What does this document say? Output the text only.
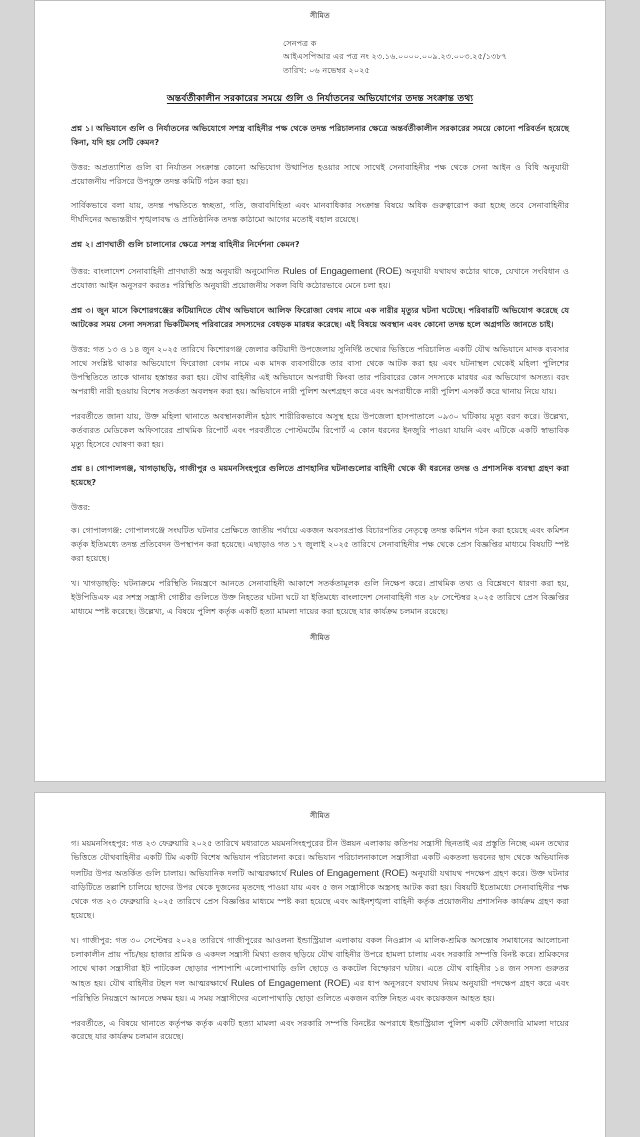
সীমিত
সেনপত্র ক
আইএসপিআর এর পত্র নং ২৩.১৬.০০০০.০০৯.২৩.০০৩.২৫/১৩৮৭
তারিখ: ০৬ নভেম্বর ২০২৫
অন্তর্বর্তীকালীন সরকারের সময়ে গুলি ও নির্যাতনের অভিযোগের তদন্ত সংক্রান্ত তথ্য

প্রশ্ন ১। অভিযানে গুলি ও নির্যাতনের অভিযোগে সশস্ত্র বাহিনীর পক্ষ থেকে তদন্ত পরিচালনার ক্ষেত্রে অন্তর্বর্তীকালীন সরকারের সময়ে কোনো পরিবর্তন হয়েছে কিনা, যদি হয় সেটি কেমন?

উত্তর: অপ্রত্যাশিত গুলি বা নির্যাতন সংক্রান্ত কোনো অভিযোগ উত্থাপিত হওয়ার সাথে সাথেই সেনাবাহিনীর পক্ষ থেকে সেনা আইন ও বিধি অনুযায়ী প্রয়োজনীয় পরিসরে উপযুক্ত তদন্ত কমিটি গঠন করা হয়।

সার্বিকভাবে বলা যায়, তদন্ত পদ্ধতিতে স্বচ্ছতা, গতি, জবাবদিহিতা এবং মানবাধিকার সংক্রান্ত বিষয়ে অধিক গুরুত্বারোপ করা হচ্ছে তবে সেনাবাহিনীর দীর্ঘদিনের অভ্যন্তরীণ শৃঙ্খলাবদ্ধ ও প্রাতিষ্ঠানিক তদন্ত কাঠামো আগের মতোই বহাল রয়েছে।

প্রশ্ন ২। প্রাণঘাতী গুলি চালানোর ক্ষেত্রে সশস্ত্র বাহিনীর নির্দেশনা কেমন?

উত্তর: বাংলাদেশ সেনাবাহিনী প্রাণঘাতী অস্ত্র অনুযায়ী অনুমোদিত Rules of Engagement (ROE) অনুযায়ী যথাযথ কঠোর থাকে, যেখানে সংবিধান ও প্রযোজ্য আইন অনুসরণ করতঃ পরিস্থিতি অনুযায়ী প্রয়োজনীয় সকল বিধি কঠোরভাবে মেনে চলা হয়।

প্রশ্ন ৩। জুন মাসে কিশোরগঞ্জের কটিয়াদিতে যৌথ অভিযানে আলিফ ফিরোজা বেগম নামে এক নারীর মৃত্যুর ঘটনা ঘটেছে। পরিবারটি অভিযোগ করেছে যে আটকের সময় সেনা সদস্যরা ভিকটিমসহ পরিবারের সদস্যদের বেধড়ক মারধর করেছে। এই বিষয়ে অবস্থান এবং কোনো তদন্ত হলে অগ্রগতি জানতে চাই।

উত্তর: গত ১৩ ও ১৪ জুন ২০২৫ তারিখে কিশোরগঞ্জ জেলার কটিয়াদী উপজেলায় সুনির্দিষ্ট তথ্যের ভিত্তিতে পরিচালিত একটি যৌথ অভিযানে মাদক ব্যবসার সাথে সংশ্লিষ্ট থাকার অভিযোগে ফিরোজা বেগম নামে এক মাদক ব্যবসায়ীকে তার বাসা থেকে আটক করা হয় এবং ঘটনাস্থল থেকেই মহিলা পুলিশের উপস্থিতিতে তাকে থানায় হস্তান্তর করা হয়। যৌথ বাহিনীর এই অভিযানে অপরাধী কিংবা তার পরিবারের কোন সদস্যকে মারধর এর অভিযোগ অসত্য। বরং অপরাধী নারী হওয়ায় বিশেষ সতর্কতা অবলম্বন করা হয়। অভিযানে নারী পুলিশ অংশগ্রহণ করে এবং অপরাধীকে নারী পুলিশ এসকর্ট করে থানায় নিয়ে যায়।

পরবর্তীতে জানা যায়, উক্ত মহিলা থানাতে অবস্থানকালীন হঠাৎ শারীরিকভাবে অসুস্থ হয়ে উপজেলা হাসপাতালে ০৯৩০ ঘটিকায় মৃত্যু বরণ করে। উল্লেখ্য, কর্তব্যরত মেডিকেল অফিসারের প্রাথমিক রিপোর্ট এবং পরবর্তীতে পোস্টমর্টেম রিপোর্ট এ কোন ধরনের ইনজুরি পাওয়া যায়নি এবং এটিকে একটি স্বাভাবিক মৃত্যু হিসেবে ঘোষণা করা হয়।

প্রশ্ন ৪। গোপালগঞ্জ, খাগড়াছড়ি, গাজীপুর ও ময়মনসিংহপুরে গুলিতে প্রাণহানির ঘটনাগুলোর বাহিনী থেকে কী ধরনের তদন্ত ও প্রশাসনিক ব্যবস্থা গ্রহণ করা হয়েছে?

উত্তর:

ক। গোপালগঞ্জ: গোপালগঞ্জে সংঘটিত ঘটনার প্রেক্ষিতে জাতীয় পর্যায়ে একজন অবসরপ্রাপ্ত বিচারপতির নেতৃত্বে তদন্ত কমিশন গঠন করা হয়েছে এবং কমিশন কর্তৃক ইতিমধ্যে তদন্ত প্রতিবেদন উপস্থাপন করা হয়েছে। এছাড়াও গত ১৭ জুলাই ২০২৫ তারিখে সেনাবাহিনীর পক্ষ থেকে প্রেস বিজ্ঞপ্তির মাধ্যমে বিষয়টি স্পষ্ট করা হয়েছে।

খ। খাগড়াছড়ি: ঘটনাক্রমে পরিস্থিতি নিয়ন্ত্রণে আনতে সেনাবাহিনী আকাশে সতর্কতামূলক গুলি নিক্ষেপ করে। প্রাথমিক তথ্য ও বিশ্লেষণে ধারণা করা হয়, ইউপিডিএফ এর সশস্ত্র সন্ত্রাসী গোষ্ঠীর গুলিতে উক্ত নিহতের ঘটনা ঘটে যা ইতিমধ্যে বাংলাদেশ সেনাবাহিনী গত ২৮ সেপ্টেম্বর ২০২৫ তারিখে প্রেস বিজ্ঞপ্তির মাধ্যমে স্পষ্ট করেছে। উল্লেখ্য, এ বিষয়ে পুলিশ কর্তৃক একটি হত্যা মামলা দায়ের করা হয়েছে যার কার্যক্রম চলমান রয়েছে।

সীমিত
সীমিত

গ। ময়মনসিংহপুর: গত ২৩ ফেব্রুয়ারি ২০২৫ তারিখে মধ্যরাতে ময়মনসিংহপুরের চীন উন্নয়ন এলাকায় কতিপয় সন্ত্রাসী ছিনতাই এর প্রস্তুতি নিচ্ছে এমন তথ্যের ভিত্তিতে যৌথবাহিনীর একটি টিম একটি বিশেষ অভিযান পরিচালনা করে। অভিযান পরিচালনাকালে সন্ত্রাসীরা একটি একতলা ভবনের ছাদ থেকে অভিযানিক দলটির উপর অতর্কিত গুলি চালায়। অভিযানিক দলটি আত্মরক্ষার্থে Rules of Engagement (ROE) অনুযায়ী যথাযথ পদক্ষেপ গ্রহণ করে। উক্ত ঘটনার বাড়িটিতে তল্লাশি চালিয়ে ছাদের উপর থেকে দুজনের মৃতদেহ পাওয়া যায় এবং ৫ জন সন্ত্রাসীকে অস্ত্রসহ আটক করা হয়। বিষয়টি ইতোমধ্যে সেনাবাহিনীর পক্ষ থেকে গত ২৩ ফেব্রুয়ারি ২০২৫ তারিখে প্রেস বিজ্ঞপ্তির মাধ্যমে স্পষ্ট করা হয়েছে এবং আইনশৃঙ্খলা বাহিনী কর্তৃক প্রয়োজনীয় প্রশাসনিক কার্যক্রম গ্রহণ করা হয়েছে।

ঘ। গাজীপুর: গত ৩০ সেপ্টেম্বর ২০২৪ তারিখে গাজীপুরের আওলনা ইন্ডাস্ট্রিয়াল এলাকায় বকল নিওপ্লাস এ মালিক-শ্রমিক অসন্তোষ সমাধানের আলোচনা চলাকালীন প্রায় পাঁচ/ছয় হাজার শ্রমিক ও একদল সন্ত্রাসী মিথ্যা গুজব ছড়িয়ে যৌথ বাহিনীর উপরে হামলা চালায় এবং সরকারি সম্পত্তি বিনষ্ট করে। শ্রমিকদের সাথে থাকা সন্ত্রাসীরা ইট পাটকেল ছোড়ার পাশাপাশি এলোপাথাড়ি গুলি ছোড়ে ও ককটেল বিস্ফোরণ ঘটায়। এতে যৌথ বাহিনীর ১৪ জন সদস্য গুরুতর আহত হয়। যৌথ বাহিনীর টহল দল আত্মরক্ষার্থে Rules of Engagement (ROE) এর ধাপ অনুসরণে যথাযথ নিয়ম অনুযায়ী পদক্ষেপ গ্রহণ করে এবং পরিস্থিতি নিয়ন্ত্রণে আনতে সক্ষম হয়। এ সময় সন্ত্রাসীদের এলোপাথাড়ি ছোড়া গুলিতে একজন ব্যক্তি নিহত এবং কয়েকজন আহত হয়।

পরবর্তীতে, এ বিষয়ে থানাতে কর্তৃপক্ষ কর্তৃক একটি হত্যা মামলা এবং সরকারি সম্পত্তি বিনষ্টের অপরাধে ইন্ডাস্ট্রিয়াল পুলিশ একটি ফৌজদারি মামলা দায়ের করেছে যার কার্যক্রম চলমান রয়েছে।
